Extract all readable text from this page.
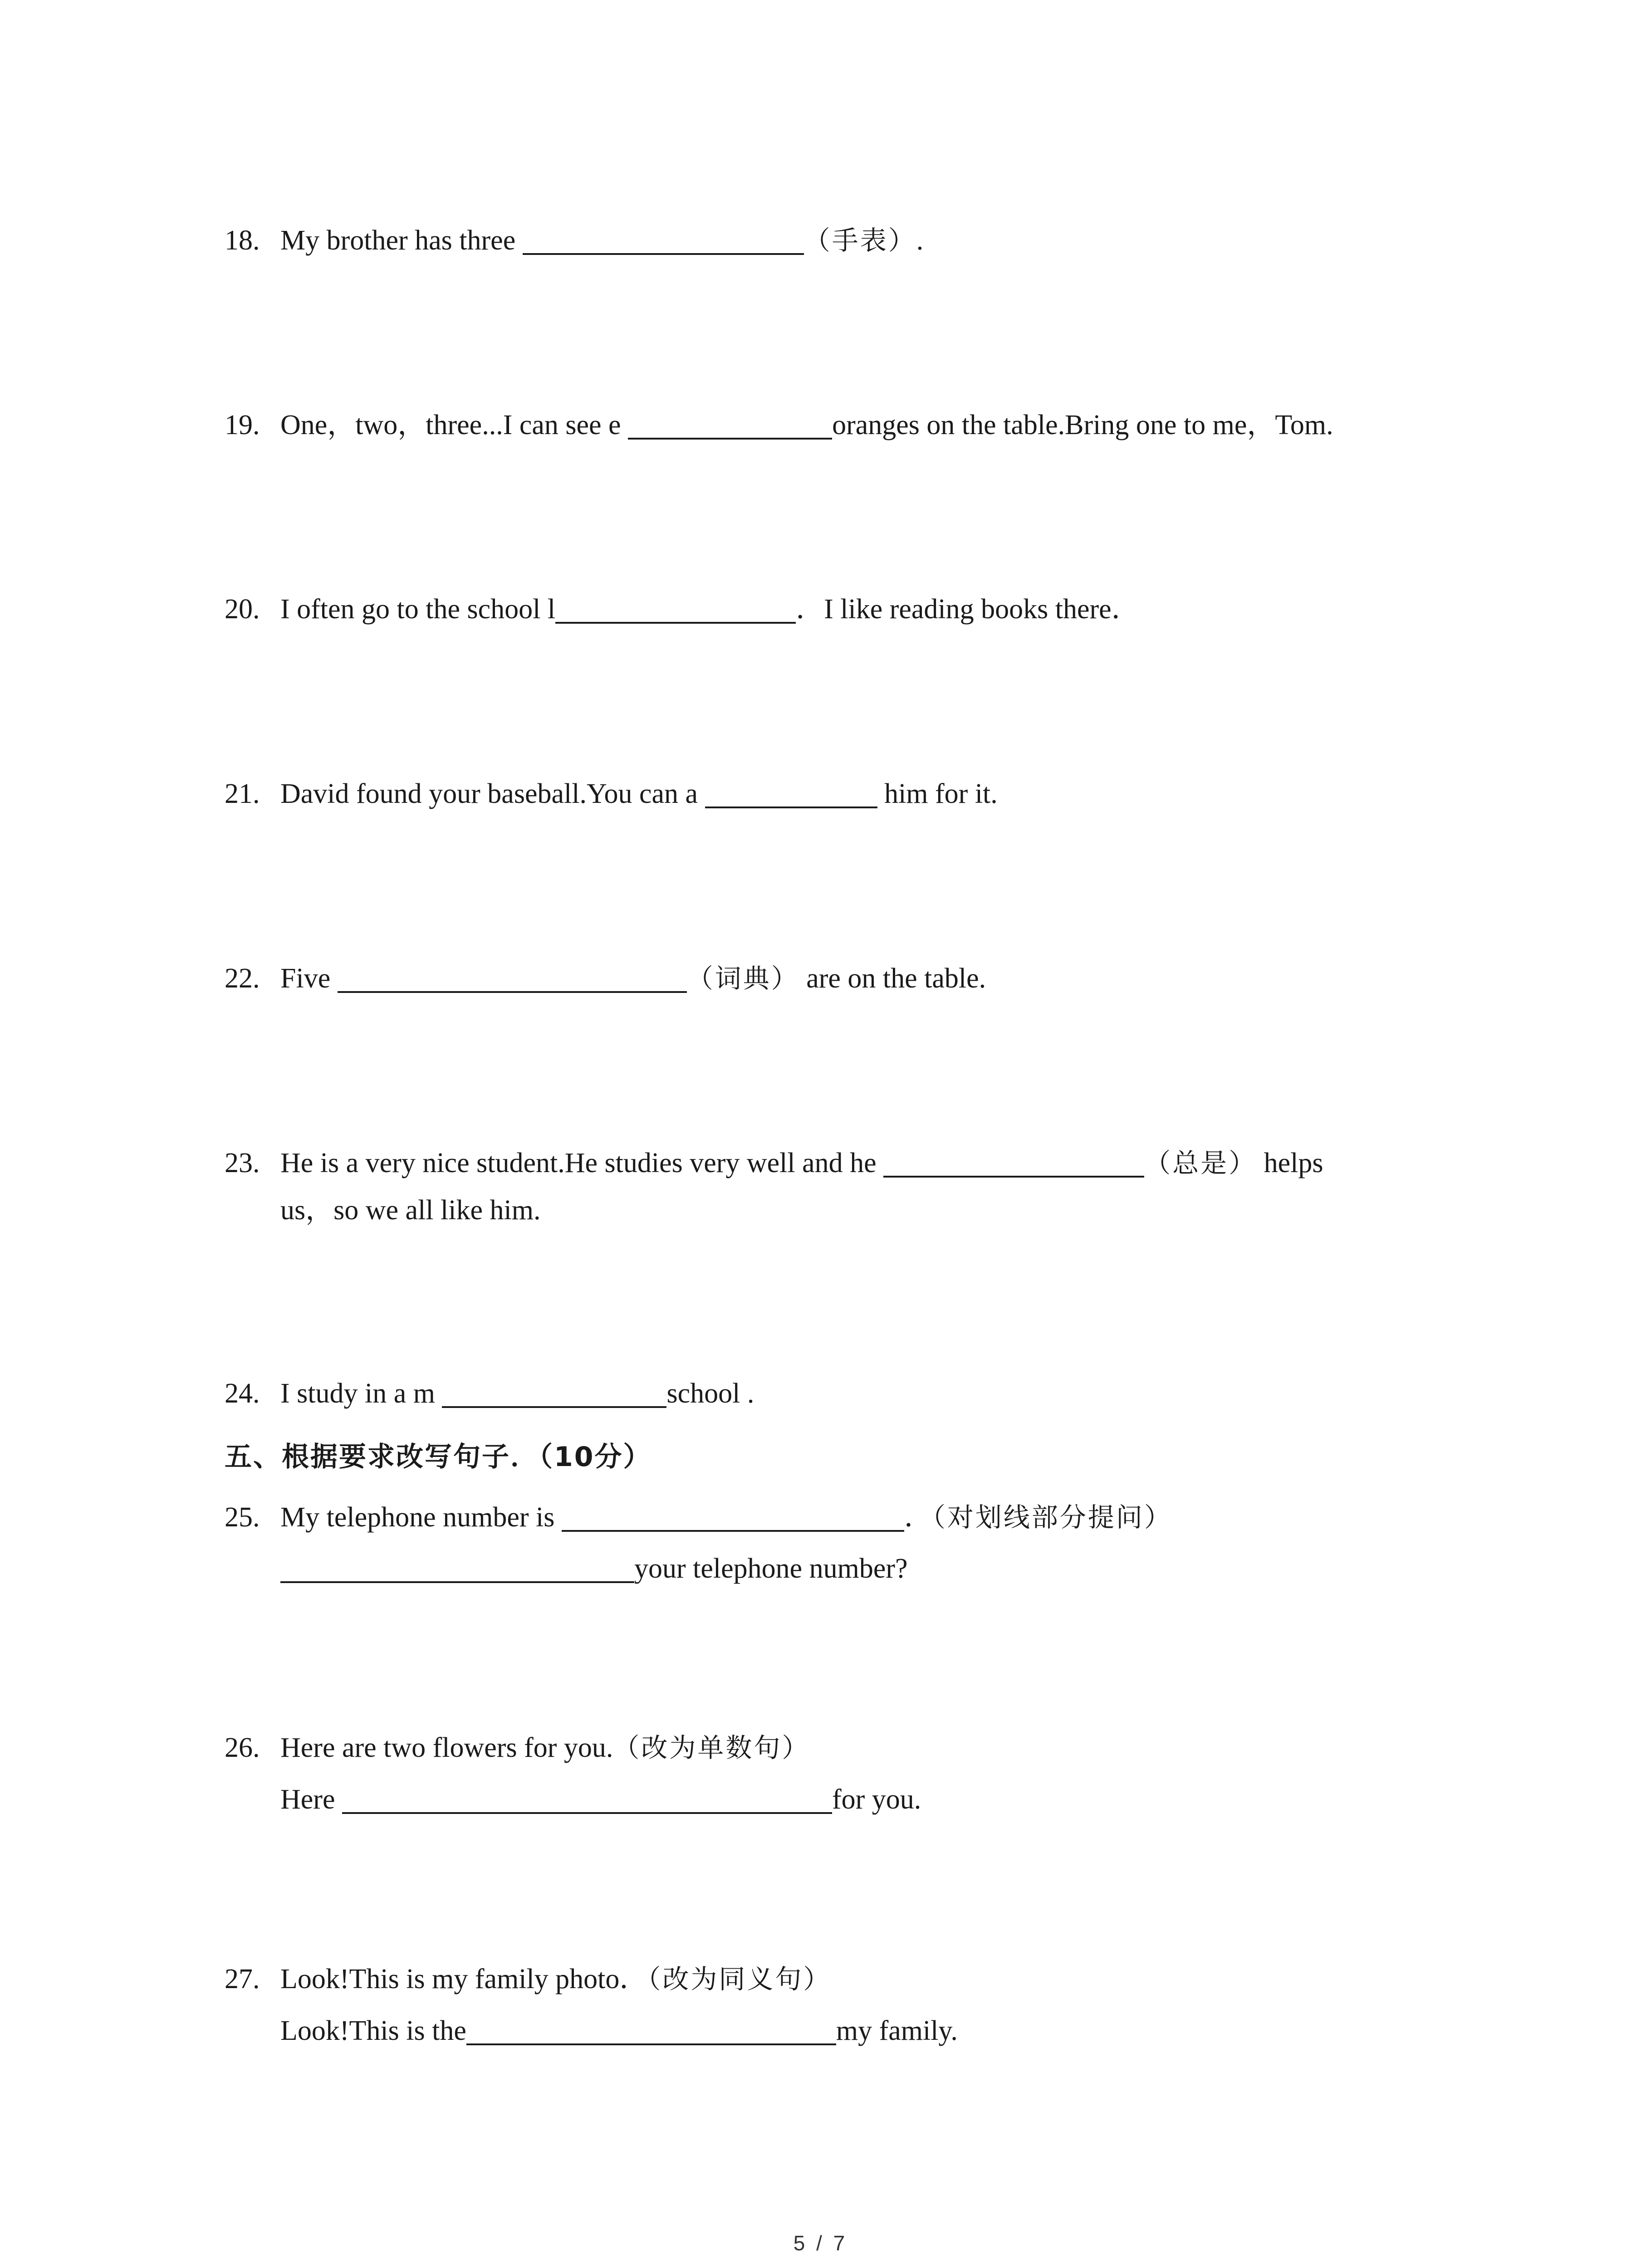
18. My brother has three	（手表）.
19. One，two，three...I can see e	oranges on the table.Bring one to me，Tom.
20. I often go to the school l	．I like reading books there．
21. David found your baseball.You can a	him for it.
22. Five	（词典） are on the table.
23. He is a very nice student.He studies very well and he	（总是） helps
us，so we all like him.
24. I study in a m	school .
五、根据要求改写句子．（10分）
25. My telephone number is	．（对划线部分提问）
your telephone number?
26. Here are two flowers for you.（改为单数句）
Here	for you.
27. Look!This is my family photo．（改为同义句）
Look!This is the	my family.
5 / 7
